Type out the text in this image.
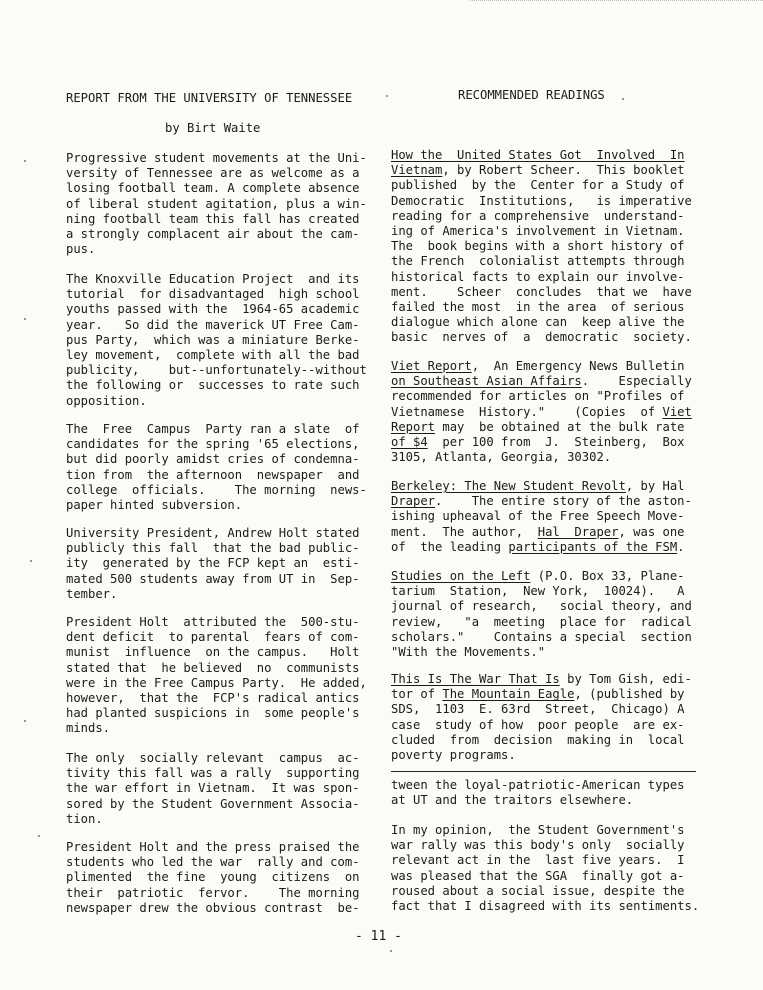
REPORT FROM THE UNIVERSITY OF TENNESSEE	RECOMMENDED READINGS
by Birt Waite

Progressive student movements at the Uni-
versity of Tennessee are as welcome as a
losing football team. A complete absence
of liberal student agitation, plus a win-
ning football team this fall has created
a strongly complacent air about the cam-
pus.

The Knoxville Education Project  and its
tutorial  for disadvantaged  high school
youths passed with the  1964-65 academic
year.   So did the maverick UT Free Cam-
pus Party,  which was a miniature Berke-
ley movement,  complete with all the bad
publicity,    but--unfortunately--without
the following or  successes to rate such
opposition.

The  Free  Campus  Party ran a slate  of
candidates for the spring '65 elections,
but did poorly amidst cries of condemna-
tion from  the afternoon  newspaper  and
college  officials.    The morning  news-
paper hinted subversion.

University President, Andrew Holt stated
publicly this fall  that the bad public-
ity  generated by the FCP kept an  esti-
mated 500 students away from UT in  Sep-
tember.

President Holt  attributed the  500-stu-
dent deficit  to parental  fears of com-
munist  influence  on the campus.   Holt
stated that  he believed  no  communists
were in the Free Campus Party.  He added,
however,  that the  FCP's radical antics
had planted suspicions in  some people's
minds.

The only  socially relevant  campus  ac-
tivity this fall was a rally  supporting
the war effort in Vietnam.  It was spon-
sored by the Student Government Associa-
tion.

President Holt and the press praised the
students who led the war  rally and com-
plimented  the fine  young  citizens  on
their  patriotic  fervor.    The morning
newspaper drew the obvious contrast  be-

How the  United States Got  Involved  In
Vietnam, by Robert Scheer.  This booklet
published  by the  Center for a Study of
Democratic  Institutions,   is imperative
reading for a comprehensive  understand-
ing of America's involvement in Vietnam.
The  book begins with a short history of
the French  colonialist attempts through
historical facts to explain our involve-
ment.    Scheer  concludes  that we  have
failed the most  in the area  of serious
dialogue which alone can  keep alive the
basic  nerves of  a  democratic  society.

Viet Report,  An Emergency News Bulletin
on Southeast Asian Affairs.    Especially
recommended for articles on "Profiles of
Vietnamese  History."    (Copies  of Viet
Report may  be obtained at the bulk rate
of $4  per 100 from  J.  Steinberg,  Box
3105, Atlanta, Georgia, 30302.

Berkeley: The New Student Revolt, by Hal
Draper.    The entire story of the aston-
ishing upheaval of the Free Speech Move-
ment.  The author,  Hal  Draper, was one
of  the leading participants of the FSM.

Studies on the Left (P.O. Box 33, Plane-
tarium  Station,  New York,  10024).   A
journal of research,   social theory, and
review,   "a  meeting  place for  radical
scholars."    Contains a special  section
"With the Movements."

This Is The War That Is by Tom Gish, edi-
tor of The Mountain Eagle, (published by
SDS,  1103  E. 63rd  Street,  Chicago) A
case  study of how  poor people  are ex-
cluded  from  decision  making in  local
poverty programs.

tween the loyal-patriotic-American types
at UT and the traitors elsewhere.

In my opinion,  the Student Government's
war rally was this body's only  socially
relevant act in the  last five years.  I
was pleased that the SGA  finally got a-
roused about a social issue, despite the
fact that I disagreed with its sentiments.

- 11 -
